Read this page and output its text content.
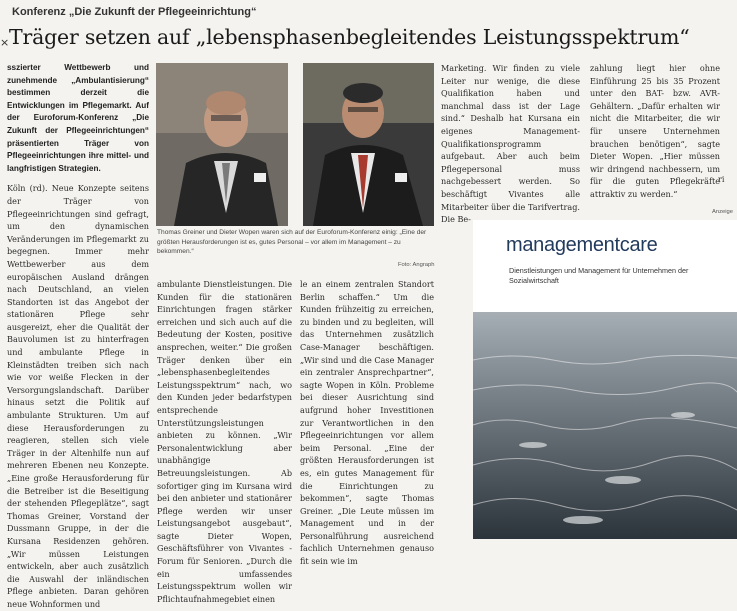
Konferenz „Die Zukunft der Pflegeeinrichtung“
× Träger setzen auf „lebensphasenbegleitendes Leistungsspektrum“
sszierter Wettbewerb und zunehmende „Ambulantisierung“ bestimmen derzeit die Entwicklungen im Pflegemarkt. Auf der Euroforum-Konferenz „Die Zukunft der Pflegeeinrichtungen“ präsentierten Träger von Pflegeeinrichtungen ihre mittel- und langfristigen Strategien.
Köln (rd). Neue Konzepte seitens der Träger von Pflegeeinrichtungen sind gefragt, um den dynamischen Veränderungen im Pflegemarkt zu begegnen. Immer mehr Wettbewerber aus dem europäischen Ausland drängen nach Deutschland, an vielen Standorten ist das Angebot der stationären Pflege sehr ausgereizt, eher die Qualität der Bauvolumen ist zu hinterfragen und ambulante Pflege in Kleinstädten treiben sich nach wie vor weiße Flecken in der Versorgungslandschaft. Darüber hinaus setzt die Politik auf ambulante Strukturen. Um auf diese Herausforderungen zu reagieren, stellen sich viele Träger in der Altenhilfe nun auf mehreren Ebenen neu Konzepte. „Eine große Herausforderung für die Betreiber ist die Beseitigung der stehenden Pflegeplätze“, sagt Thomas Greiner, Vorstand der Dussmann Gruppe, in der die Kursana Residenzen gehören. „Wir müssen Leistungen entwickeln, aber auch zusätzlich die Auswahl der inländischen Pflege anbieten. Daran gehören neue Wohnformen und
Thomas Greiner und Dieter Wopen waren sich auf der Euroforum-Konferenz einig: „Eine der größten Herausforderungen ist es, gutes Personal – vor allem im Management – zu bekommen.“
Foto: Angraph
ambulante Dienstleistungen. Die Kunden für die stationären Einrichtungen fragen stärker erreichen und sich auch auf die Bedeutung der Kosten, positive ansprechen, weiter.“ Die großen Träger denken über ein „lebensphasenbegleitendes Leistungsspektrum“ nach, wo den Kunden jeder bedarfstypen entsprechende Unterstützungsleistungen anbieten zu können. „Wir Personalentwicklung aber unabhängige Betreuungsleistungen. Ab sofortiger ging im Kursana wird bei den anbieter und stationärer Pflege werden wir unser Leistungsangebot ausgebaut“, sagte Dieter Wopen, Geschäftsführer von Vivantes - Forum für Senioren. „Durch die ein umfassendes Leistungsspektrum wollen wir Pflichtaufnahmegebiet einen
le an einem zentralen Standort Berlin schaffen.“ Um die Kunden frühzeitig zu erreichen, zu binden und zu begleiten, will das Unternehmen zusätzlich Case-Manager beschäftigen. „Wir sind und die Case Manager ein zentraler Ansprechpartner“, sagte Wopen in Köln. Probleme bei dieser Ausrichtung sind aufgrund hoher Investitionen zur Verantwortlichen in den Pflegeeinrichtungen vor allem beim Personal. „Eine der größten Herausforderungen ist es, ein gutes Management für die Einrichtungen zu bekommen“, sagte Thomas Greiner. „Die Leute müssen im Management und in der Personalführung ausreichend fachlich Unternehmen genauso fit sein wie im
Marketing. Wir finden zu viele Leiter nur wenige, die diese Qualifikation haben und manchmal dass ist der Lage sind.“ Deshalb hat Kursana ein eigenes Management-Qualifikationsprogramm aufgebaut. Aber auch beim Pflegepersonal muss nachgebessert werden. So beschäftigt Vivantes alle Mitarbeiter über die Tarifvertrag. Die Be-
zahlung liegt hier ohne Einführung 25 bis 35 Prozent unter den BAT- bzw. AVR-Gehältern. „Dafür erhalten wir nicht die Mitarbeiter, die wir für unsere Unternehmen brauchen benötigen“, sagte Dieter Wopen. „Hier müssen wir dringend nachbessern, um für die guten Pflegekräfte attraktiv zu werden.“
ri
Anzeige
managementcare
Dienstleistungen und Management für Unternehmen der Sozialwirtschaft
